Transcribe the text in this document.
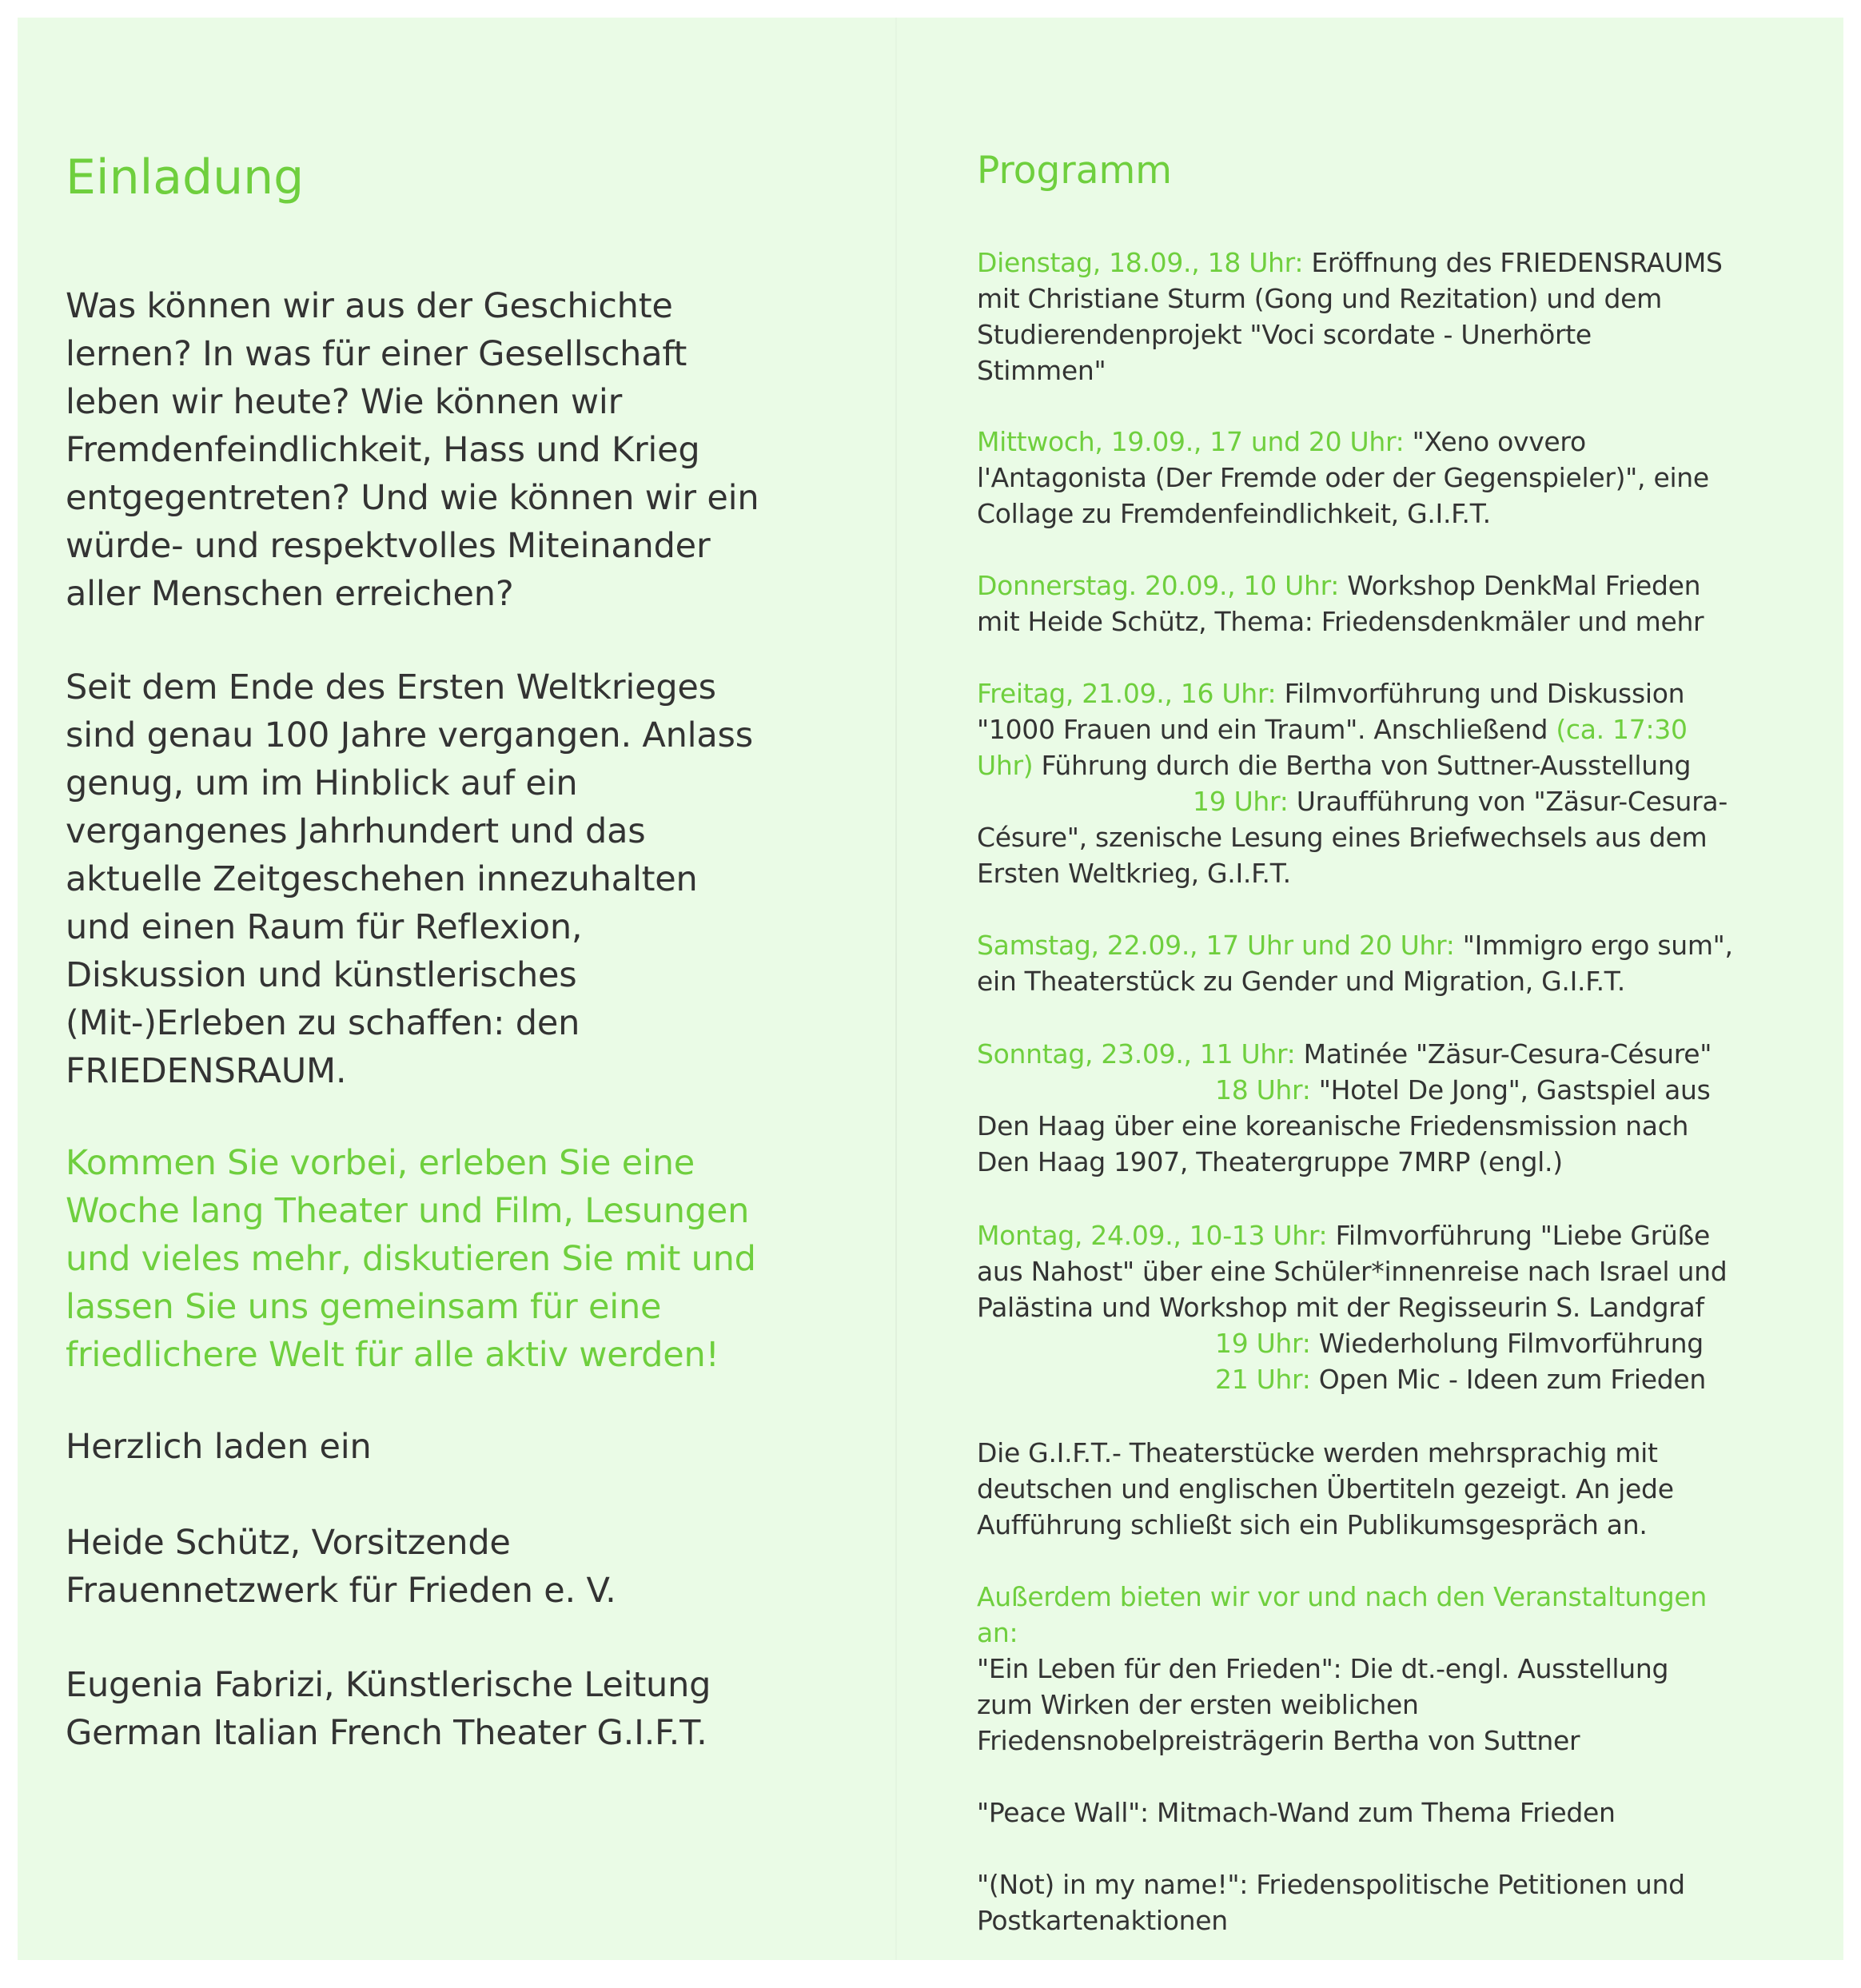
Einladung

Was können wir aus der Geschichte
lernen? In was für einer Gesellschaft
leben wir heute? Wie können wir
Fremdenfeindlichkeit, Hass und Krieg
entgegentreten? Und wie können wir ein
würde- und respektvolles Miteinander
aller Menschen erreichen?

Seit dem Ende des Ersten Weltkrieges
sind genau 100 Jahre vergangen. Anlass
genug, um im Hinblick auf ein
vergangenes Jahrhundert und das
aktuelle Zeitgeschehen innezuhalten
und einen Raum für Reflexion,
Diskussion und künstlerisches
(Mit-)Erleben zu schaffen: den
FRIEDENSRAUM.

Kommen Sie vorbei, erleben Sie eine
Woche lang Theater und Film, Lesungen
und vieles mehr, diskutieren Sie mit und
lassen Sie uns gemeinsam für eine
friedlichere Welt für alle aktiv werden!

Herzlich laden ein

Heide Schütz, Vorsitzende
Frauennetzwerk für Frieden e. V.

Eugenia Fabrizi, Künstlerische Leitung
German Italian French Theater G.I.F.T.

Programm

Dienstag, 18.09., 18 Uhr: Eröffnung des FRIEDENSRAUMS
mit Christiane Sturm (Gong und Rezitation) und dem
Studierendenprojekt "Voci scordate - Unerhörte
Stimmen"

Mittwoch, 19.09., 17 und 20 Uhr: "Xeno ovvero
l'Antagonista (Der Fremde oder der Gegenspieler)", eine
Collage zu Fremdenfeindlichkeit, G.I.F.T.

Donnerstag. 20.09., 10 Uhr: Workshop DenkMal Frieden
mit Heide Schütz, Thema: Friedensdenkmäler und mehr

Freitag, 21.09., 16 Uhr: Filmvorführung und Diskussion
"1000 Frauen und ein Traum". Anschließend (ca. 17:30
Uhr) Führung durch die Bertha von Suttner-Ausstellung
19 Uhr: Uraufführung von "Zäsur-Cesura-
Césure", szenische Lesung eines Briefwechsels aus dem
Ersten Weltkrieg, G.I.F.T.

Samstag, 22.09., 17 Uhr und 20 Uhr: "Immigro ergo sum",
ein Theaterstück zu Gender und Migration, G.I.F.T.

Sonntag, 23.09., 11 Uhr: Matinée "Zäsur-Cesura-Césure"
18 Uhr: "Hotel De Jong", Gastspiel aus
Den Haag über eine koreanische Friedensmission nach
Den Haag 1907, Theatergruppe 7MRP (engl.)

Montag, 24.09., 10-13 Uhr: Filmvorführung "Liebe Grüße
aus Nahost" über eine Schüler*innenreise nach Israel und
Palästina und Workshop mit der Regisseurin S. Landgraf
19 Uhr: Wiederholung Filmvorführung
21 Uhr: Open Mic - Ideen zum Frieden

Die G.I.F.T.- Theaterstücke werden mehrsprachig mit
deutschen und englischen Übertiteln gezeigt. An jede
Aufführung schließt sich ein Publikumsgespräch an.

Außerdem bieten wir vor und nach den Veranstaltungen
an:

"Ein Leben für den Frieden": Die dt.-engl. Ausstellung
zum Wirken der ersten weiblichen
Friedensnobelpreisträgerin Bertha von Suttner

"Peace Wall": Mitmach-Wand zum Thema Frieden

"(Not) in my name!": Friedenspolitische Petitionen und
Postkartenaktionen
